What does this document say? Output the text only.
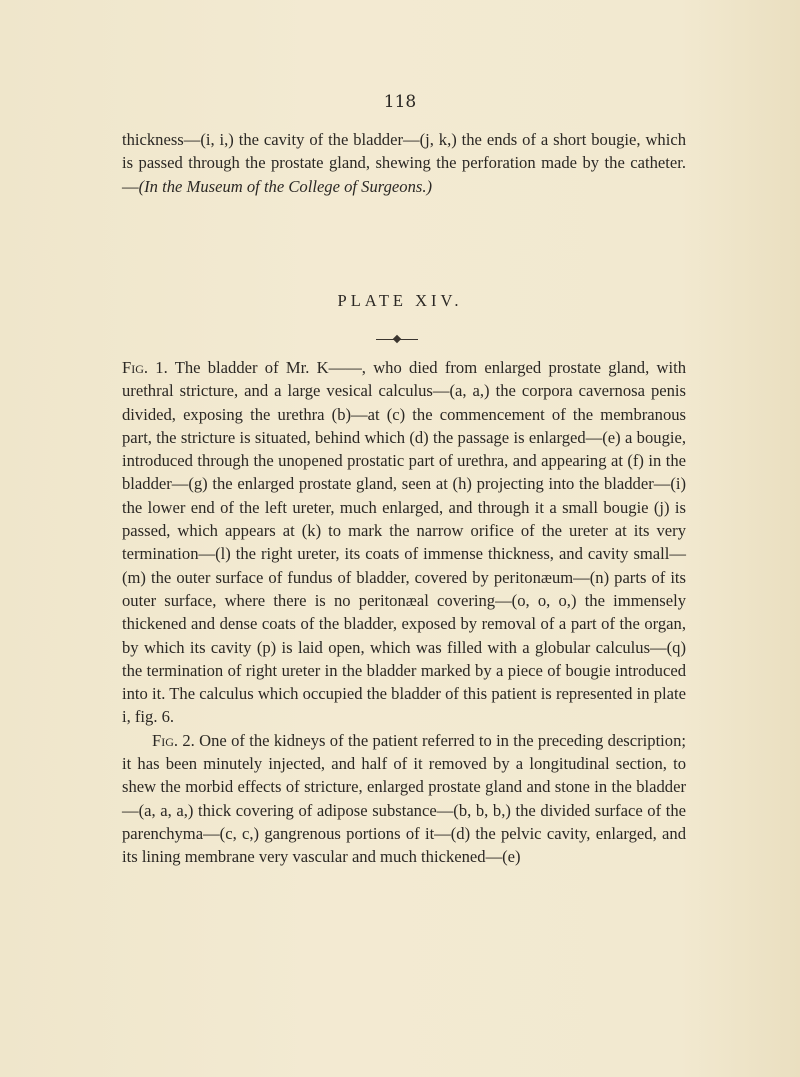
118

thickness—(i, i,) the cavity of the bladder—(j, k,) the ends of a short bougie, which is passed through the prostate gland, shewing the perforation made by the catheter.—(In the Museum of the College of Surgeons.)

PLATE XIV.

Fig. 1. The bladder of Mr. K——, who died from enlarged prostate gland, with urethral stricture, and a large vesical calculus—(a, a,) the corpora cavernosa penis divided, exposing the urethra (b)—at (c) the commencement of the membranous part, the stricture is situated, behind which (d) the passage is enlarged—(e) a bougie, introduced through the unopened prostatic part of urethra, and appearing at (f) in the bladder—(g) the enlarged prostate gland, seen at (h) projecting into the bladder—(i) the lower end of the left ureter, much enlarged, and through it a small bougie (j) is passed, which appears at (k) to mark the narrow orifice of the ureter at its very termination—(l) the right ureter, its coats of immense thickness, and cavity small—(m) the outer surface of fundus of bladder, covered by peritonæum—(n) parts of its outer surface, where there is no peritonæal covering—(o, o, o,) the immensely thickened and dense coats of the bladder, exposed by removal of a part of the organ, by which its cavity (p) is laid open, which was filled with a globular calculus—(q) the termination of right ureter in the bladder marked by a piece of bougie introduced into it. The calculus which occupied the bladder of this patient is represented in plate i, fig. 6.

Fig. 2. One of the kidneys of the patient referred to in the preceding description; it has been minutely injected, and half of it removed by a longitudinal section, to shew the morbid effects of stricture, enlarged prostate gland and stone in the bladder—(a, a, a,) thick covering of adipose substance—(b, b, b,) the divided surface of the parenchyma—(c, c,) gangrenous portions of it—(d) the pelvic cavity, enlarged, and its lining membrane very vascular and much thickened—(e)
